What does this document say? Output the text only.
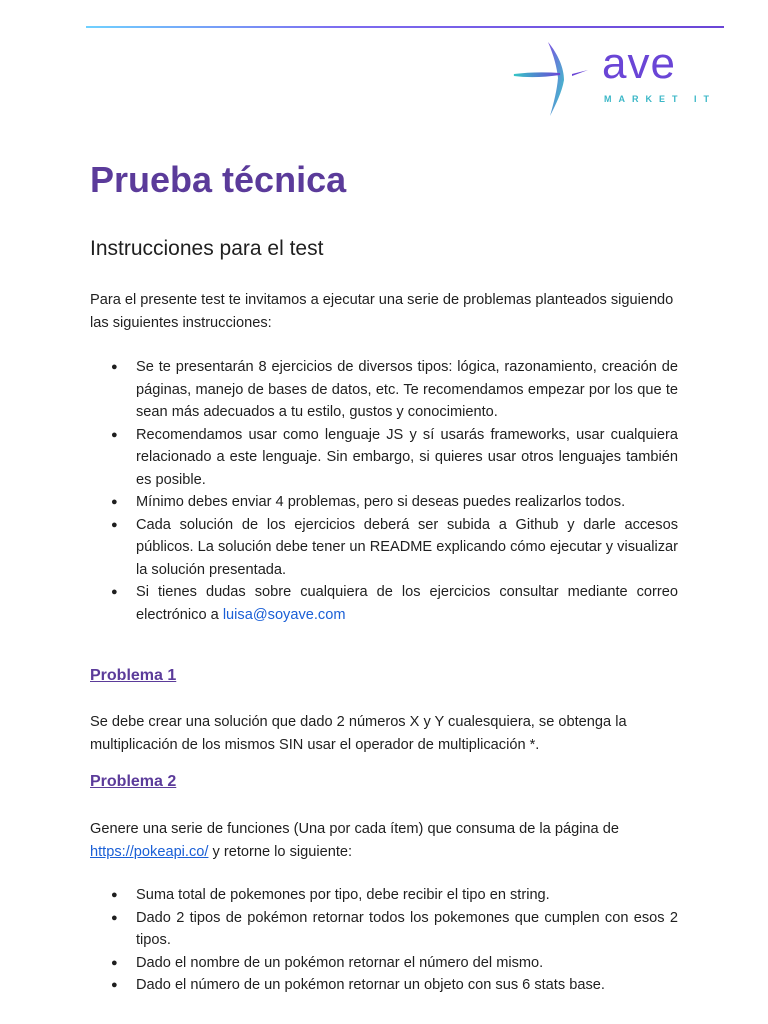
ave
MARKET IT
Prueba técnica
Instrucciones para el test

Para el presente test te invitamos a ejecutar una serie de problemas planteados siguiendo las siguientes instrucciones:

● Se te presentarán 8 ejercicios de diversos tipos: lógica, razonamiento, creación de páginas, manejo de bases de datos, etc. Te recomendamos empezar por los que te sean más adecuados a tu estilo, gustos y conocimiento.
● Recomendamos usar como lenguaje JS y sí usarás frameworks, usar cualquiera relacionado a este lenguaje. Sin embargo, si quieres usar otros lenguajes también es posible.
● Mínimo debes enviar 4 problemas, pero si deseas puedes realizarlos todos.
● Cada solución de los ejercicios deberá ser subida a Github y darle accesos públicos. La solución debe tener un README explicando cómo ejecutar y visualizar la solución presentada.
● Si tienes dudas sobre cualquiera de los ejercicios consultar mediante correo electrónico a luisa@soyave.com
Problema 1

Se debe crear una solución que dado 2 números X y Y cualesquiera, se obtenga la multiplicación de los mismos SIN usar el operador de multiplicación *.

Problema 2

Genere una serie de funciones (Una por cada ítem) que consuma de la página de
https://pokeapi.co/ y retorne lo siguiente:

● Suma total de pokemones por tipo, debe recibir el tipo en string.
● Dado 2 tipos de pokémon retornar todos los pokemones que cumplen con esos 2 tipos.
● Dado el nombre de un pokémon retornar el número del mismo.
● Dado el número de un pokémon retornar un objeto con sus 6 stats base.
